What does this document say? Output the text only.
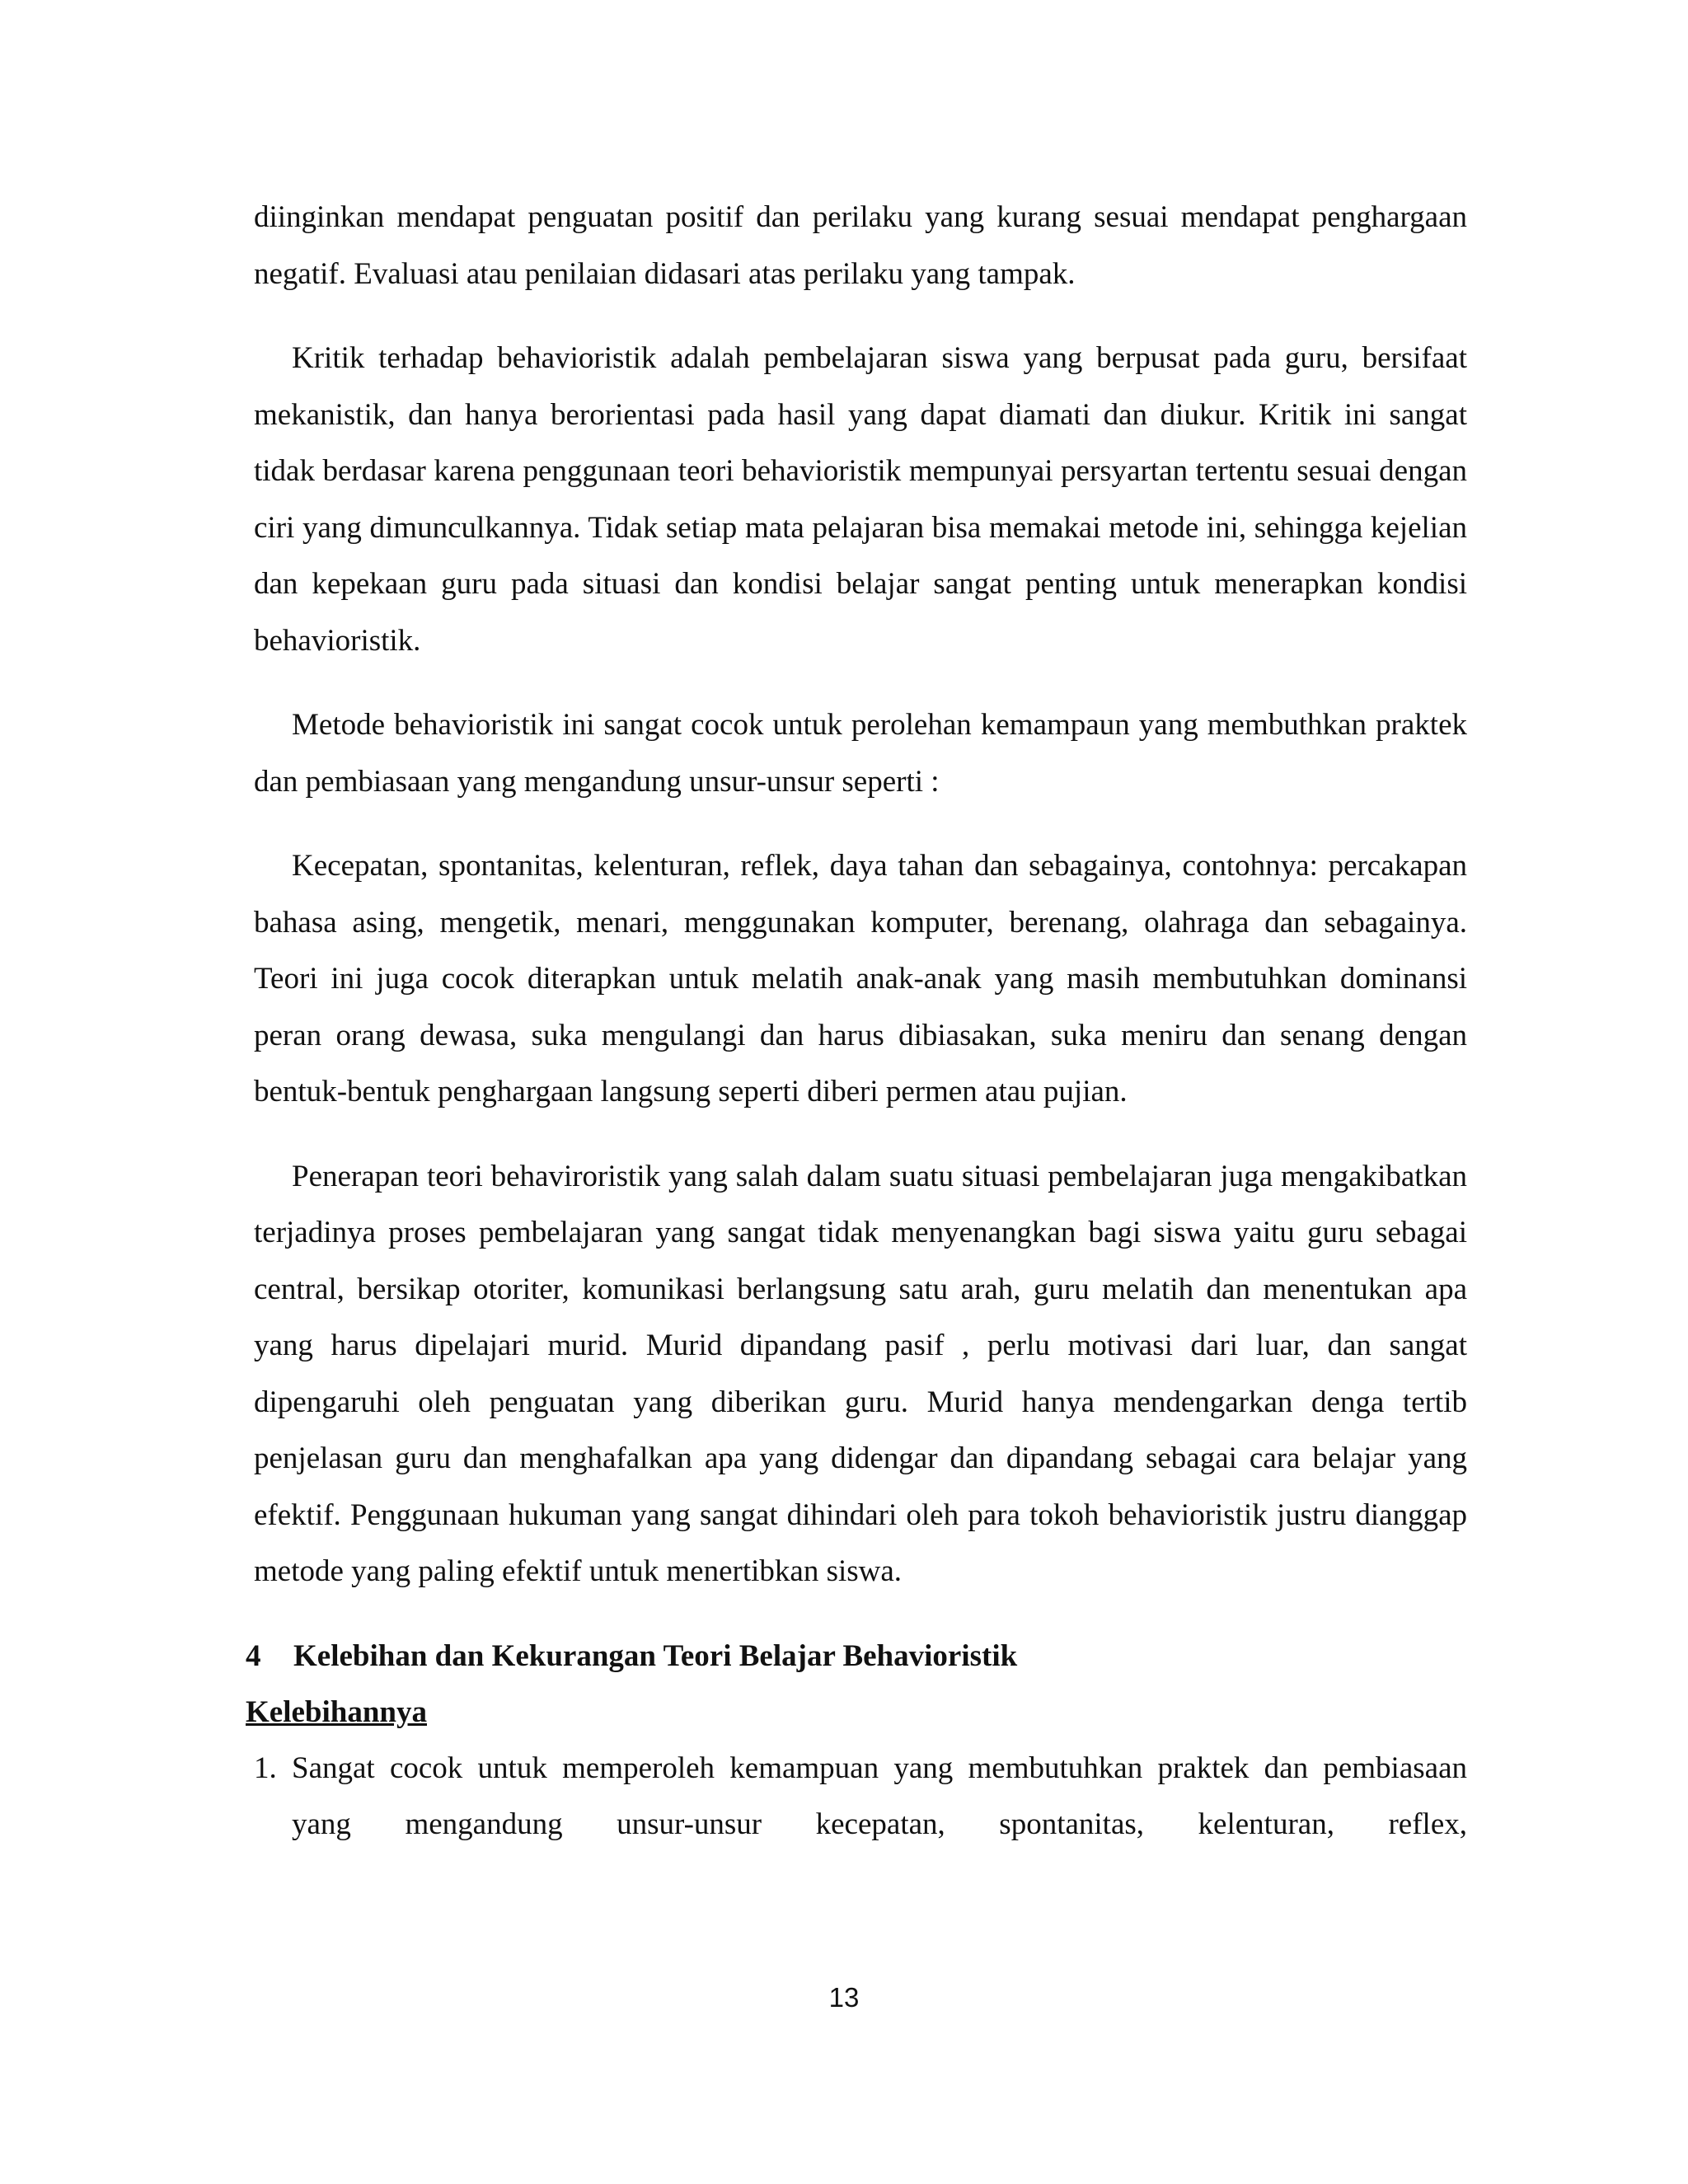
diinginkan mendapat penguatan positif dan perilaku yang kurang sesuai mendapat penghargaan negatif. Evaluasi atau penilaian didasari atas perilaku yang tampak.

Kritik terhadap behavioristik adalah pembelajaran siswa yang berpusat pada guru, bersifaat mekanistik, dan hanya berorientasi pada hasil yang dapat diamati dan diukur. Kritik ini sangat tidak berdasar karena penggunaan teori behavioristik mempunyai persyartan tertentu sesuai dengan ciri yang dimunculkannya. Tidak setiap mata pelajaran bisa memakai metode ini, sehingga kejelian dan kepekaan guru pada situasi dan kondisi belajar sangat penting untuk menerapkan kondisi behavioristik.

Metode behavioristik ini sangat cocok untuk perolehan kemampaun yang membuthkan praktek dan pembiasaan yang mengandung unsur-unsur seperti :

Kecepatan, spontanitas, kelenturan, reflek, daya tahan dan sebagainya, contohnya: percakapan bahasa asing, mengetik, menari, menggunakan komputer, berenang, olahraga dan sebagainya. Teori ini juga cocok diterapkan untuk melatih anak-anak yang masih membutuhkan dominansi peran orang dewasa, suka mengulangi dan harus dibiasakan, suka meniru dan senang dengan bentuk-bentuk penghargaan langsung seperti diberi permen atau pujian.

Penerapan teori behaviroristik yang salah dalam suatu situasi pembelajaran juga mengakibatkan terjadinya proses pembelajaran yang sangat tidak menyenangkan bagi siswa yaitu guru sebagai central, bersikap otoriter, komunikasi berlangsung satu arah, guru melatih dan menentukan apa yang harus dipelajari murid. Murid dipandang pasif , perlu motivasi dari luar, dan sangat dipengaruhi oleh penguatan yang diberikan guru. Murid hanya mendengarkan denga tertib penjelasan guru dan menghafalkan apa yang didengar dan dipandang sebagai cara belajar yang efektif. Penggunaan hukuman yang sangat dihindari oleh para tokoh behavioristik justru dianggap metode yang paling efektif untuk menertibkan siswa.

4	Kelebihan dan Kekurangan Teori Belajar Behavioristik
Kelebihannya
1. Sangat cocok untuk memperoleh kemampuan yang membutuhkan praktek dan pembiasaan yang mengandung unsur-unsur kecepatan, spontanitas, kelenturan, reflex,
13
